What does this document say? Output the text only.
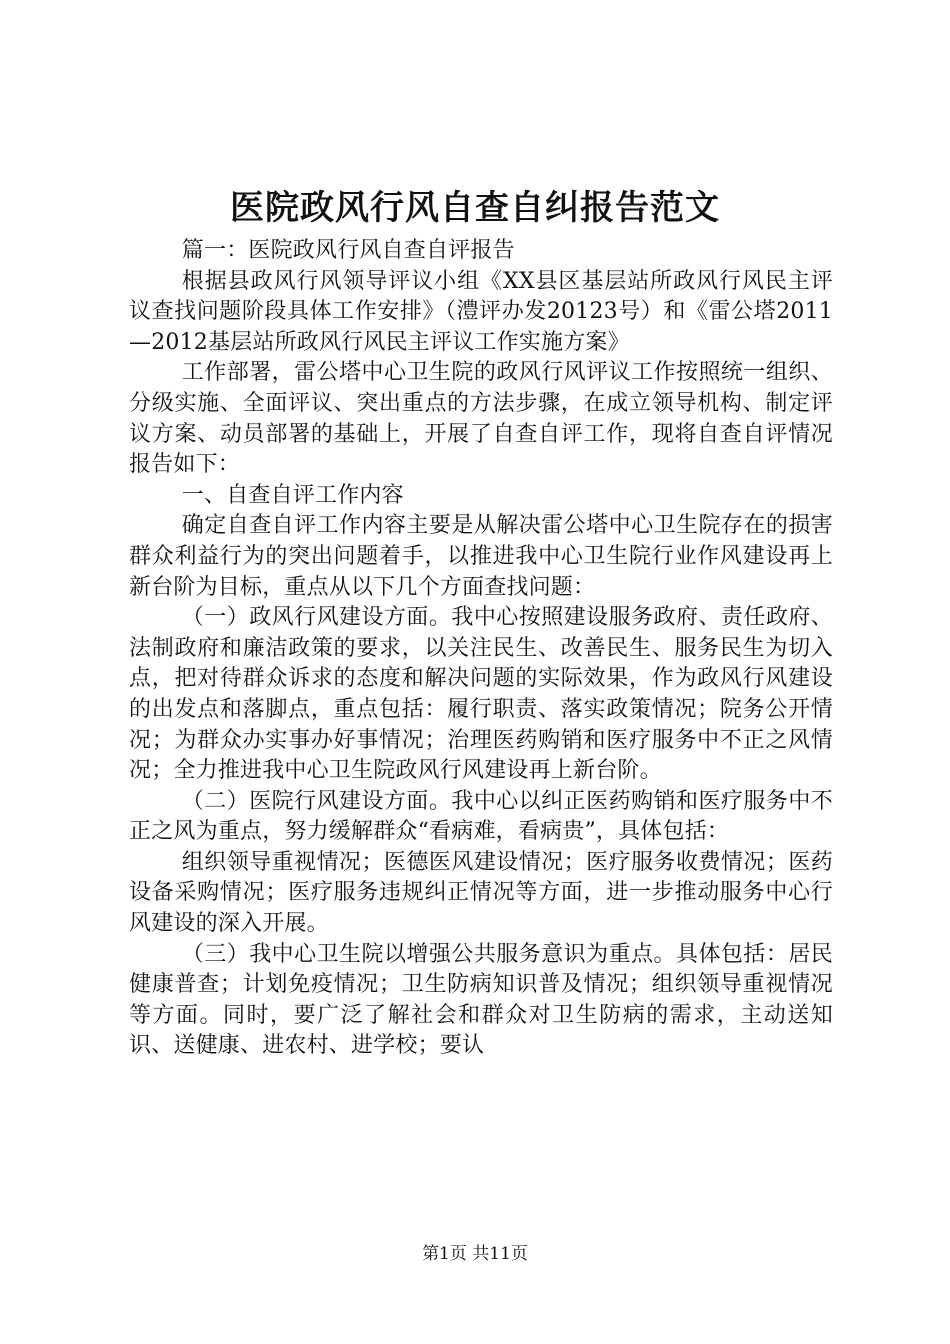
医院政风行风自查自纠报告范文

篇一：医院政风行风自查自评报告

根据县政风行风领导评议小组《XX县区基层站所政风行风民主评议查找问题阶段具体工作安排》（澧评办发20123号）和《雷公塔2011—2012基层站所政风行风民主评议工作实施方案》

工作部署，雷公塔中心卫生院的政风行风评议工作按照统一组织、分级实施、全面评议、突出重点的方法步骤，在成立领导机构、制定评议方案、动员部署的基础上，开展了自查自评工作，现将自查自评情况报告如下：

一、自查自评工作内容

确定自查自评工作内容主要是从解决雷公塔中心卫生院存在的损害群众利益行为的突出问题着手，以推进我中心卫生院行业作风建设再上新台阶为目标，重点从以下几个方面查找问题：

（一）政风行风建设方面。我中心按照建设服务政府、责任政府、法制政府和廉洁政策的要求，以关注民生、改善民生、服务民生为切入点，把对待群众诉求的态度和解决问题的实际效果，作为政风行风建设的出发点和落脚点，重点包括：履行职责、落实政策情况；院务公开情况；为群众办实事办好事情况；治理医药购销和医疗服务中不正之风情况；全力推进我中心卫生院政风行风建设再上新台阶。

（二）医院行风建设方面。我中心以纠正医药购销和医疗服务中不正之风为重点，努力缓解群众“看病难，看病贵”，具体包括：

组织领导重视情况；医德医风建设情况；医疗服务收费情况；医药设备采购情况；医疗服务违规纠正情况等方面，进一步推动服务中心行风建设的深入开展。

（三）我中心卫生院以增强公共服务意识为重点。具体包括：居民健康普查；计划免疫情况；卫生防病知识普及情况；组织领导重视情况等方面。同时，要广泛了解社会和群众对卫生防病的需求，主动送知识、送健康、进农村、进学校；要认

第1页 共11页
